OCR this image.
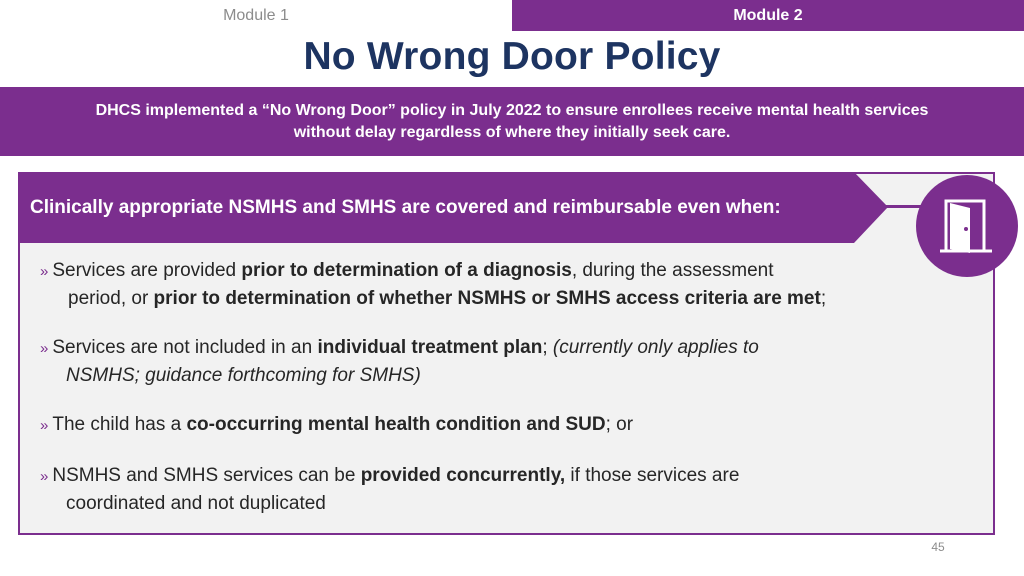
Module 1	Module 2
No Wrong Door Policy
DHCS implemented a “No Wrong Door” policy in July 2022 to ensure enrollees receive mental health services
without delay regardless of where they initially seek care.
Clinically appropriate NSMHS and SMHS are covered and reimbursable even when:
» Services are provided prior to determination of a diagnosis, during the assessment
period, or prior to determination of whether NSMHS or SMHS access criteria are met;
» Services are not included in an individual treatment plan; (currently only applies to
NSMHS; guidance forthcoming for SMHS)
» The child has a co-occurring mental health condition and SUD; or
» NSMHS and SMHS services can be provided concurrently, if those services are
coordinated and not duplicated
45
